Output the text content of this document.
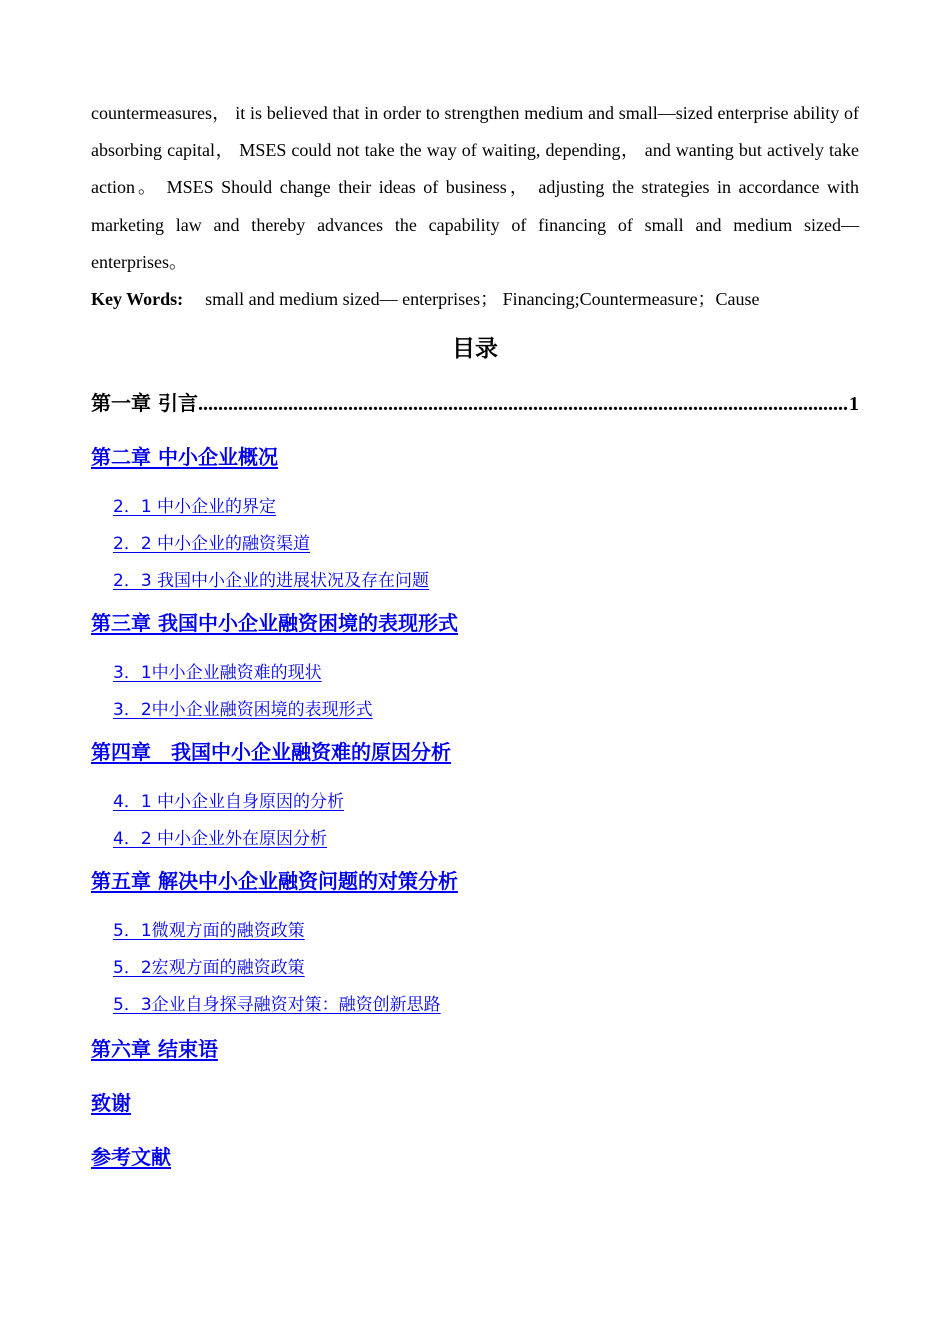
countermeasures， it is believed that in order to strengthen medium and small—sized enterprise ability of absorbing capital， MSES could not take the way of waiting, depending， and wanting but actively take action。 MSES Should change their ideas of business， adjusting the strategies in accordance with marketing law and thereby advances the capability of financing of small and medium sized— enterprises。

Key Words: small and medium sized— enterprises； Financing;Countermeasure；Cause
目录
第一章 引言
.....	1
第二章 中小企业概况
2．1 中小企业的界定
2．2 中小企业的融资渠道
2．3 我国中小企业的进展状况及存在问题
第三章 我国中小企业融资困境的表现形式
3．1中小企业融资难的现状
3．2中小企业融资困境的表现形式
第四章　我国中小企业融资难的原因分析
4．1 中小企业自身原因的分析
4．2 中小企业外在原因分析
第五章 解决中小企业融资问题的对策分析
5．1微观方面的融资政策
5．2宏观方面的融资政策
5．3企业自身探寻融资对策：融资创新思路
第六章 结束语
致谢
参考文献
